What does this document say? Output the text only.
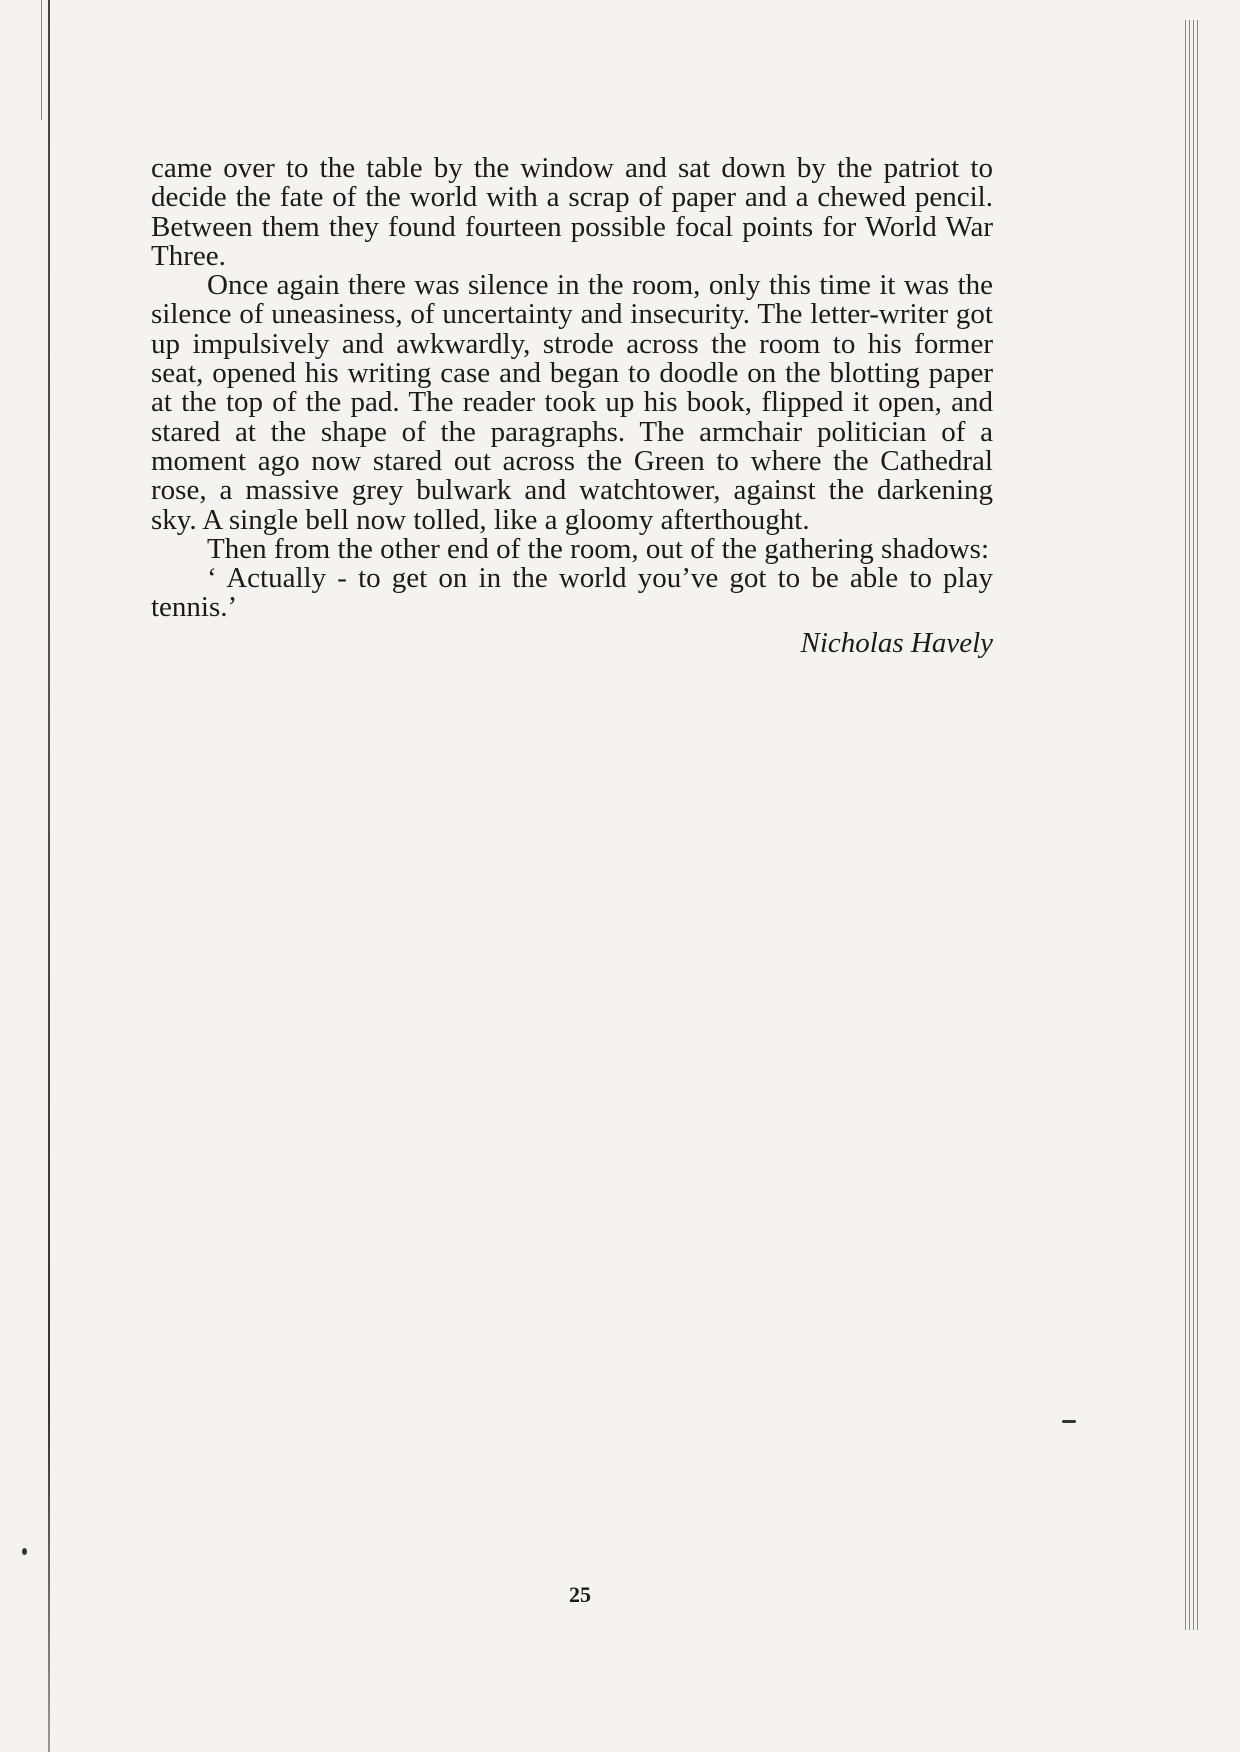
came over to the table by the window and sat down by the patriot to decide the fate of the world with a scrap of paper and a chewed pencil. Between them they found fourteen possible focal points for World War Three.

Once again there was silence in the room, only this time it was the silence of uneasiness, of uncertainty and insecurity. The letter-writer got up impulsively and awkwardly, strode across the room to his former seat, opened his writing case and began to doodle on the blotting paper at the top of the pad. The reader took up his book, flipped it open, and stared at the shape of the paragraphs. The armchair politician of a moment ago now stared out across the Green to where the Cathedral rose, a massive grey bulwark and watchtower, against the darkening sky. A single bell now tolled, like a gloomy afterthought.

Then from the other end of the room, out of the gathering shadows:

‘ Actually - to get on in the world you’ve got to be able to play tennis.’

Nicholas Havely

25
